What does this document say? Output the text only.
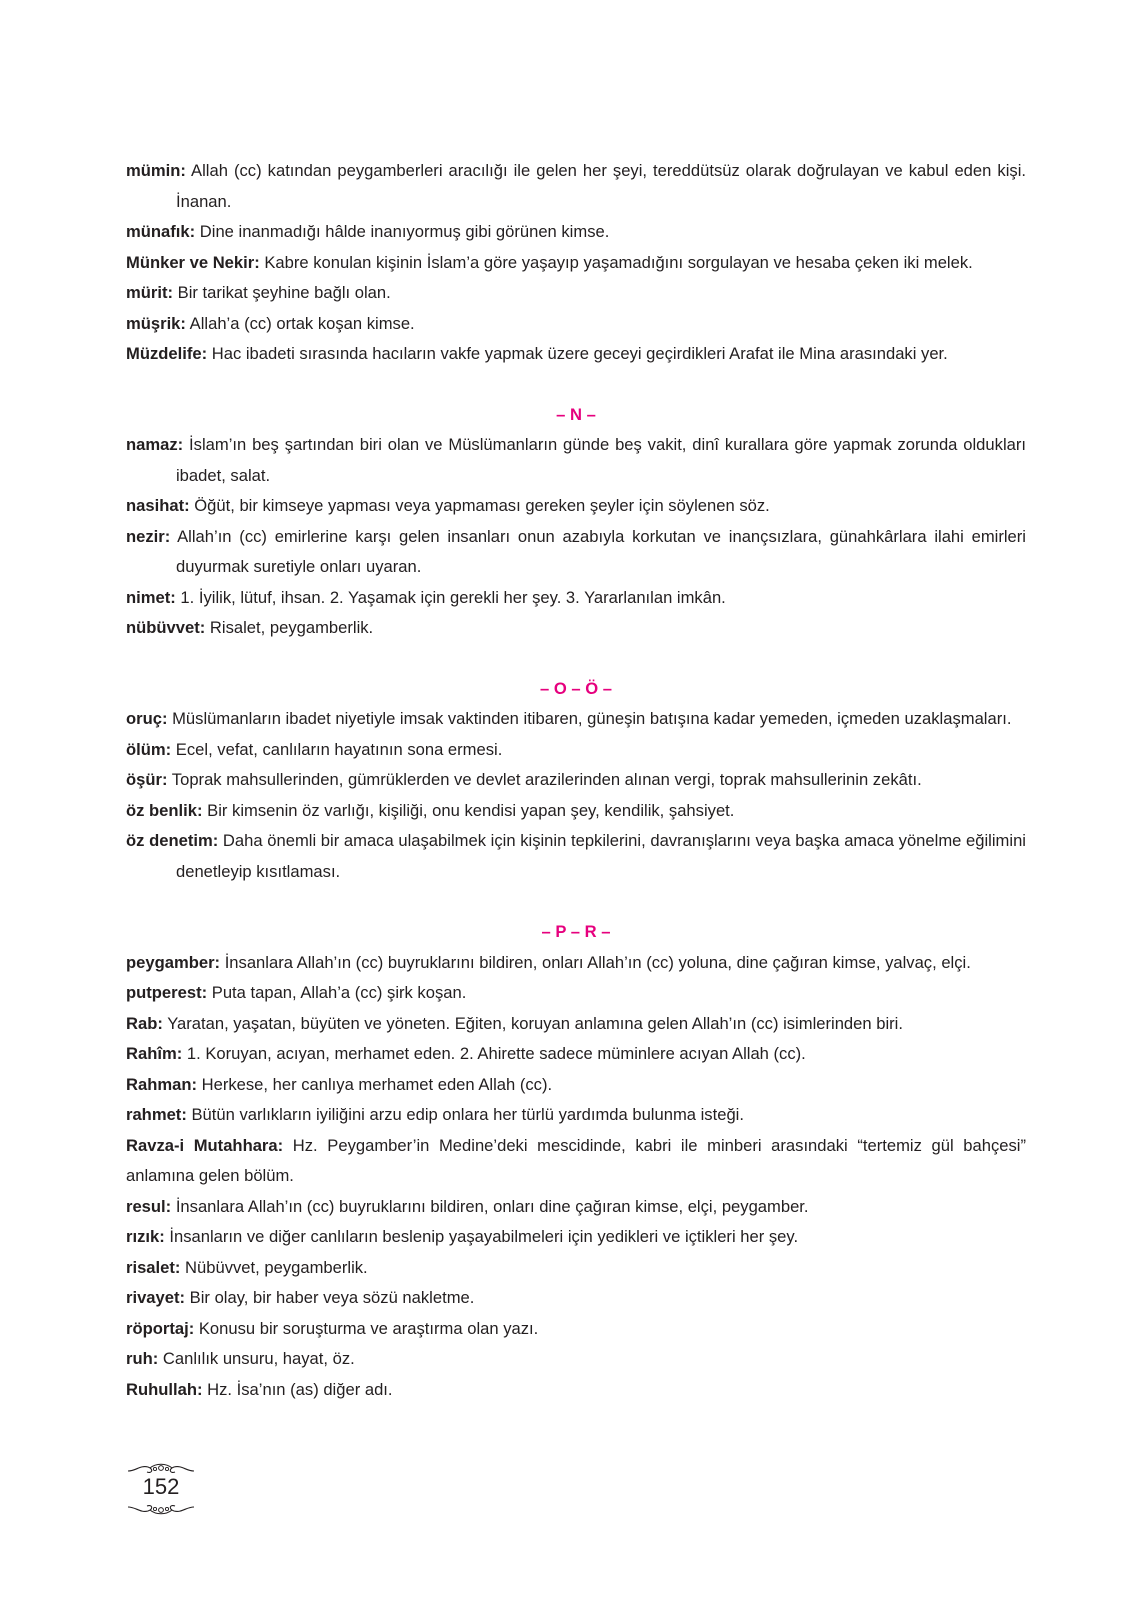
mümin: Allah (cc) katından peygamberleri aracılığı ile gelen her şeyi, tereddütsüz olarak doğrulayan ve kabul eden kişi. İnanan.

münafık: Dine inanmadığı hâlde inanıyormuş gibi görünen kimse.

Münker ve Nekir: Kabre konulan kişinin İslam’a göre yaşayıp yaşamadığını sorgulayan ve hesaba çeken iki melek.

mürit: Bir tarikat şeyhine bağlı olan.

müşrik: Allah’a (cc) ortak koşan kimse.

Müzdelife: Hac ibadeti sırasında hacıların vakfe yapmak üzere geceyi geçirdikleri Arafat ile Mina arasındaki yer.

– N –

namaz: İslam’ın beş şartından biri olan ve Müslümanların günde beş vakit, dinî kurallara göre yapmak zorunda oldukları ibadet, salat.

nasihat: Öğüt, bir kimseye yapması veya yapmaması gereken şeyler için söylenen söz.

nezir: Allah’ın (cc) emirlerine karşı gelen insanları onun azabıyla korkutan ve inançsızlara, günahkârlara ilahi emirleri duyurmak suretiyle onları uyaran.

nimet: 1. İyilik, lütuf, ihsan. 2. Yaşamak için gerekli her şey. 3. Yararlanılan imkân.

nübüvvet: Risalet, peygamberlik.

– O – Ö –

oruç: Müslümanların ibadet niyetiyle imsak vaktinden itibaren, güneşin batışına kadar yemeden, içmeden uzaklaşmaları.

ölüm: Ecel, vefat, canlıların hayatının sona ermesi.

öşür: Toprak mahsullerinden, gümrüklerden ve devlet arazilerinden alınan vergi, toprak mahsullerinin zekâtı.

öz benlik: Bir kimsenin öz varlığı, kişiliği, onu kendisi yapan şey, kendilik, şahsiyet.

öz denetim: Daha önemli bir amaca ulaşabilmek için kişinin tepkilerini, davranışlarını veya başka amaca yönelme eğilimini denetleyip kısıtlaması.

– P – R –

peygamber: İnsanlara Allah’ın (cc) buyruklarını bildiren, onları Allah’ın (cc) yoluna, dine çağıran kimse, yalvaç, elçi.

putperest: Puta tapan, Allah’a (cc) şirk koşan.

Rab: Yaratan, yaşatan, büyüten ve yöneten. Eğiten, koruyan anlamına gelen Allah’ın (cc) isimlerinden biri.

Rahîm: 1. Koruyan, acıyan, merhamet eden. 2. Ahirette sadece müminlere acıyan Allah (cc).

Rahman: Herkese, her canlıya merhamet eden Allah (cc).

rahmet: Bütün varlıkların iyiliğini arzu edip onlara her türlü yardımda bulunma isteği.

Ravza-i Mutahhara: Hz. Peygamber’in Medine’deki mescidinde, kabri ile minberi arasındaki “tertemiz gül bahçesi” anlamına gelen bölüm.

resul: İnsanlara Allah’ın (cc) buyruklarını bildiren, onları dine çağıran kimse, elçi, peygamber.

rızık: İnsanların ve diğer canlıların beslenip yaşayabilmeleri için yedikleri ve içtikleri her şey.

risalet: Nübüvvet, peygamberlik.

rivayet: Bir olay, bir haber veya sözü nakletme.

röportaj: Konusu bir soruşturma ve araştırma olan yazı.

ruh: Canlılık unsuru, hayat, öz.

Ruhullah: Hz. İsa’nın (as) diğer adı.

152
